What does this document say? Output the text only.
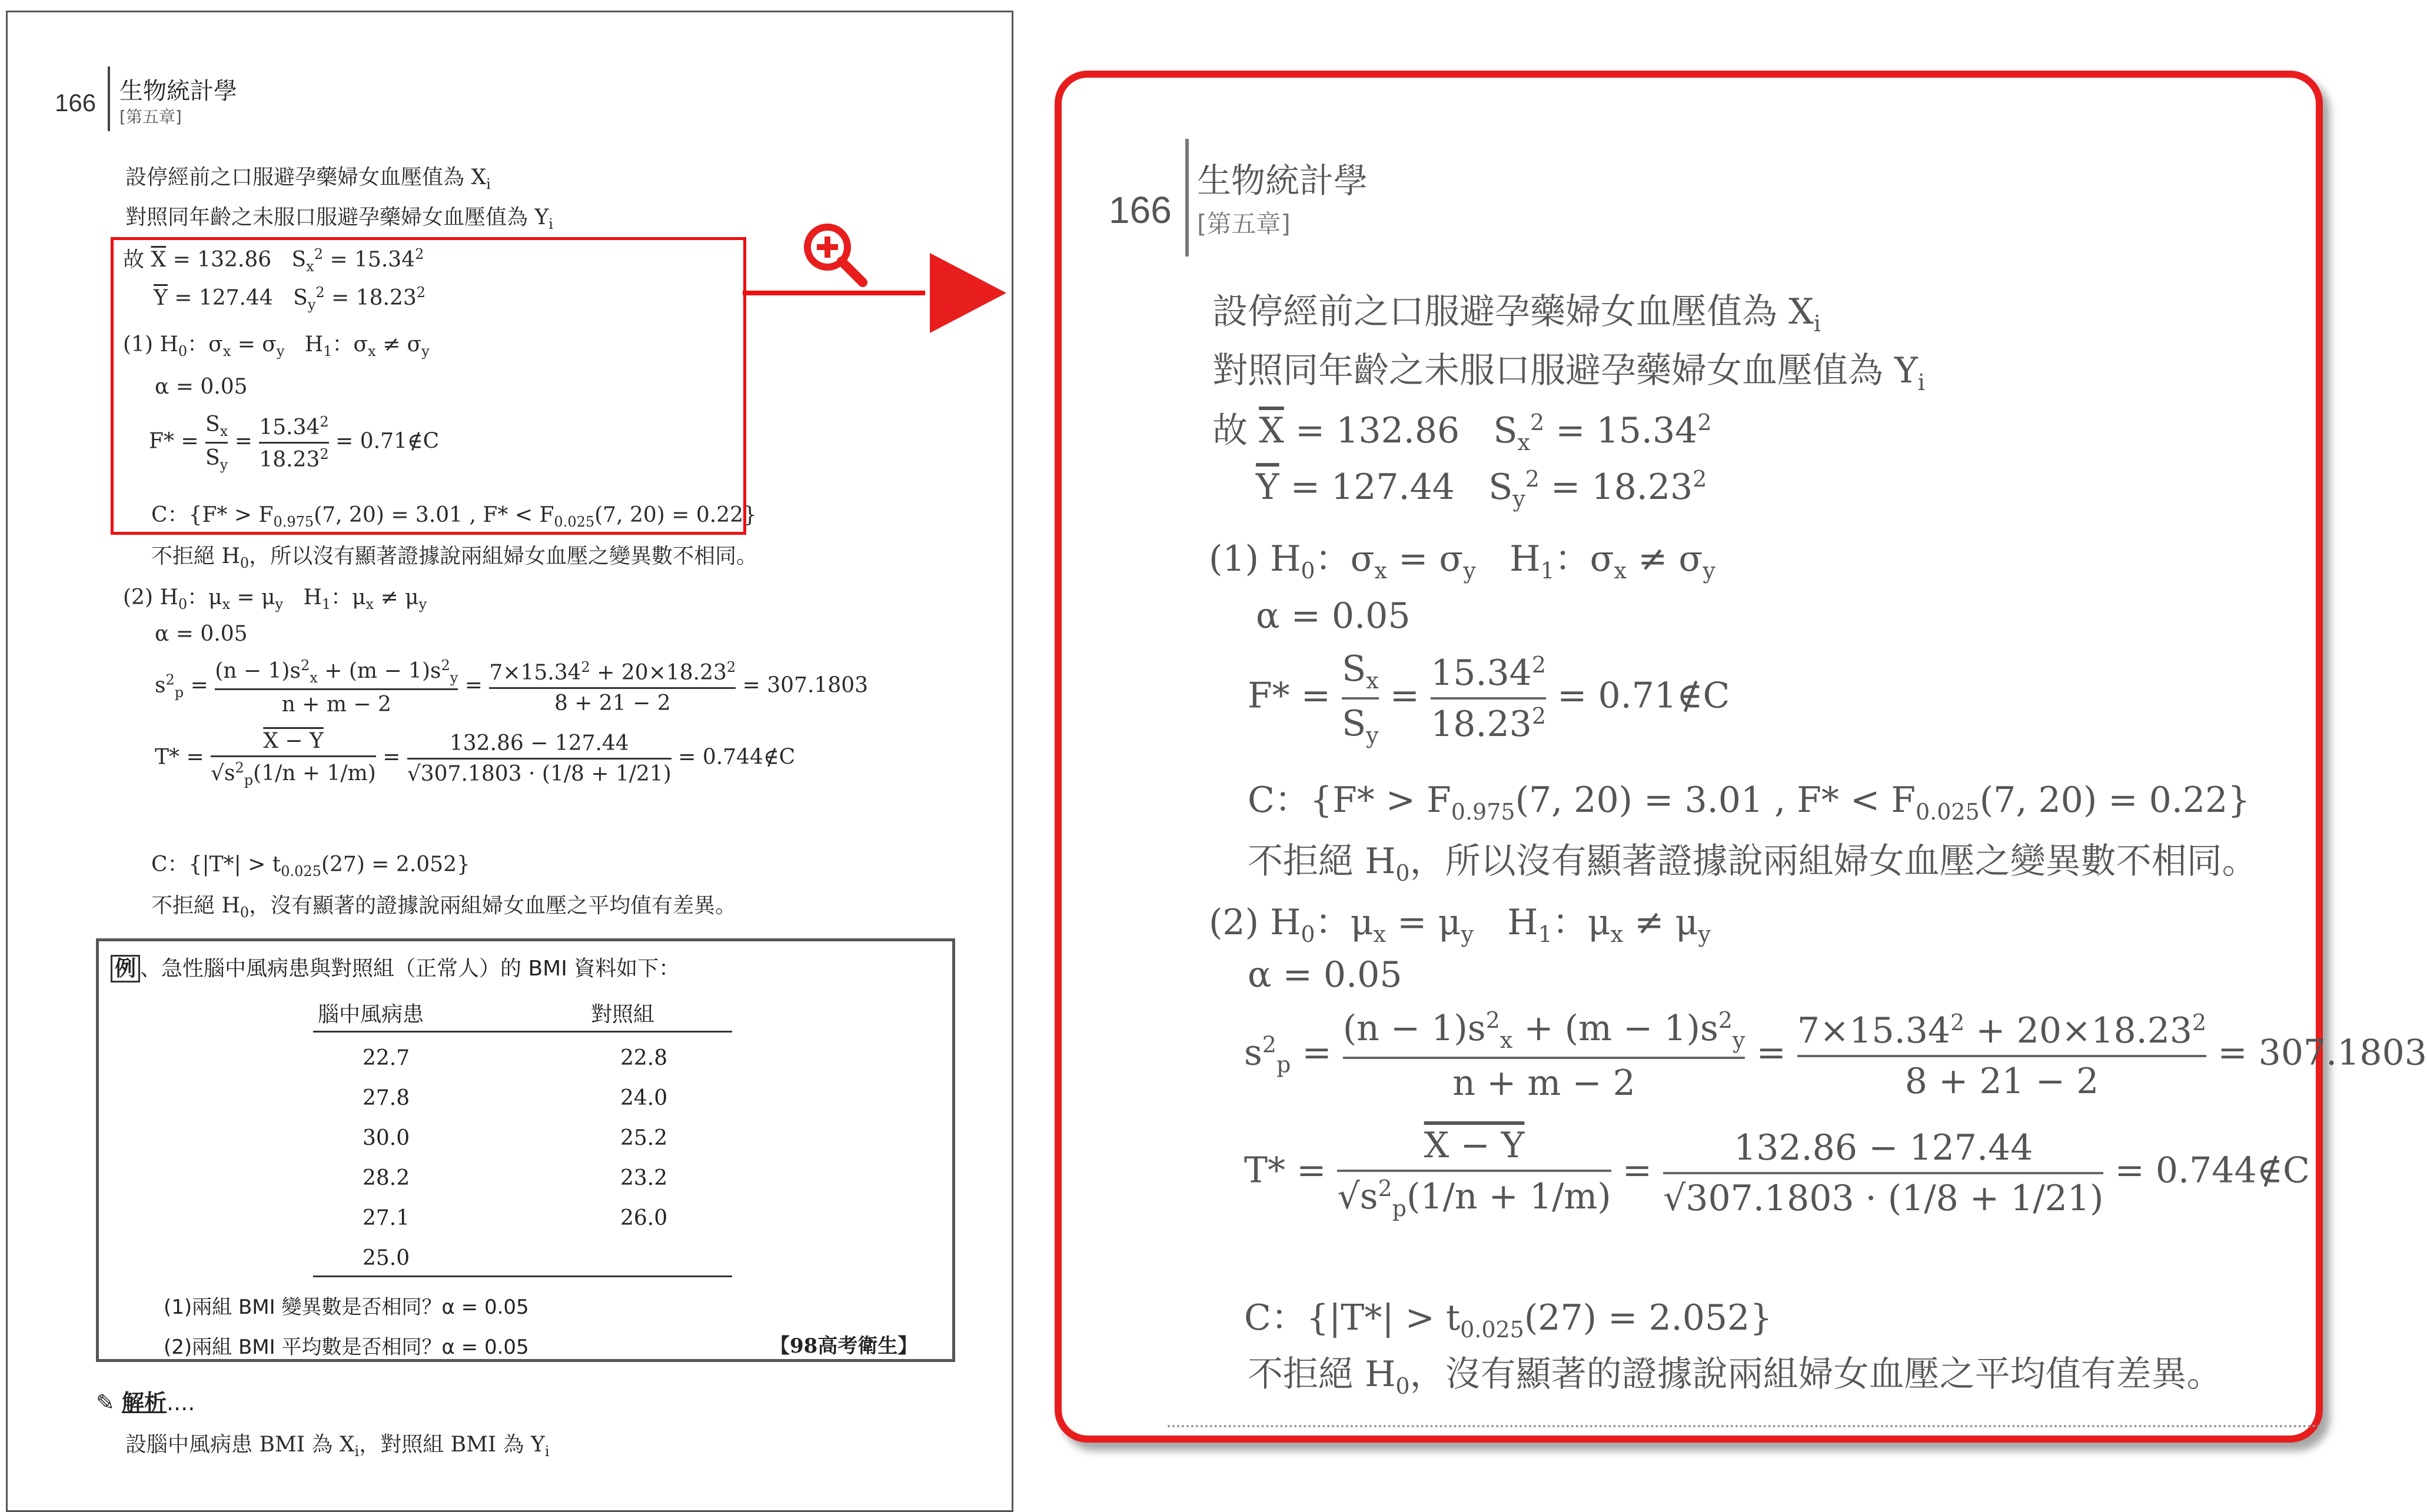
166 生物統計學
[第五章]
設停經前之口服避孕藥婦女血壓值為 $X_i$
對照同年齡之未服口服避孕藥婦女血壓值為 $Y_i$
故 $\overline{X} = 132.86$ $S_x^2 = 15.34^2$
$\overline{Y} = 127.44$ $S_y^2 = 18.23^2$
(1) $H_0$：$\sigma_x = \sigma_y$ $H_1$：$\sigma_x \ne \sigma_y$
α = 0.05
$F* = \frac{S_x}{S_y} = \frac{15.34^2}{18.23^2}$ = 0.71∉C
C：{$F* > F_{0.975}(7$, 20) = 3.01 , $F* < F_{0.025}(7$, 20) = 0.22}
不拒絕 $H_0$，所以沒有顯著證據說兩組婦女血壓之變異數不相同。
(2) $H_0$：$\mu_x = \mu_y$ $H_1$：$\mu_x \ne \mu_y$
α = 0.05
$s^2_p = \frac{(n - 1)s^2_x + (m - 1)s^2_y}{n + m - 2} = \frac{7\times 15.34^2 + 20\times 18.23^2}{8 + 21 - 2} = 307.1803$
$T* = \frac{X - Y}{√s^2_p(1/n + 1/m)} = \frac{132.86 - 127.44}{√307.1803 \cdot (1/8 + 1/21)}$ = 0.744∉C
C：$\{|T*| > t_{0.025}(27) = 2.052\}$
不拒絕 $H_0$，沒有顯著的證據說兩組婦女血壓之平均值有差異。
例 、急性腦中風病患與對照組（正常人）的 BMI 資料如下：
腦中風病患	對照組
22.7	22.8
27.8	24.0
30.0	25.2
28.2	23.2
27.1	26.0
25.0
(1)兩組 BMI 變異數是否相同？α = 0.05
(2)兩組 BMI 平均數是否相同？α = 0.05	【98高考衛生】
✎ 解析....
設腦中風病患 BMI 為 $X_i$，對照組 BMI 為 $Y_i$
166
生物統計學
[第五章]
設停經前之口服避孕藥婦女血壓值為 $X_i$
對照同年齡之未服口服避孕藥婦女血壓值為 $Y_i$
故 $\overline{X} = 132.86$ $S_x^2 = 15.34^2$
$\overline{Y} = 127.44$ $S_y^2 = 18.23^2$
(1) $H_0$：$\sigma_x = \sigma_y$ $H_1$：$\sigma_x \ne \sigma_y$
α = 0.05
$F* = \frac{S_x}{S_y} = \frac{15.34^2}{18.23^2}$ = 0.71∉C
C：{$F* > F_{0.975}(7$, 20) = 3.01 , $F* < F_{0.025}(7$, 20) = 0.22}
不拒絕 $H_0$，所以沒有顯著證據說兩組婦女血壓之變異數不相同。
(2) $H_0$：$\mu_x = \mu_y$ $H_1$：$\mu_x \ne \mu_y$
α = 0.05
$s^2_p = \frac{(n - 1)s^2_x + (m - 1)s^2_y}{n + m - 2} = \frac{7\times 15.34^2 + 20\times 18.23^2}{8 + 21 - 2} = 307.1803$
$T* = \frac{X - Y}{√s^2_p(1/n + 1/m)} = \frac{132.86 - 127.44}{√307.1803 \cdot (1/8 + 1/21)}$ = 0.744∉C
C：$\{|T*| > t_{0.025}(27) = 2.052\}$
不拒絕 $H_0$，沒有顯著的證據說兩組婦女血壓之平均值有差異。
